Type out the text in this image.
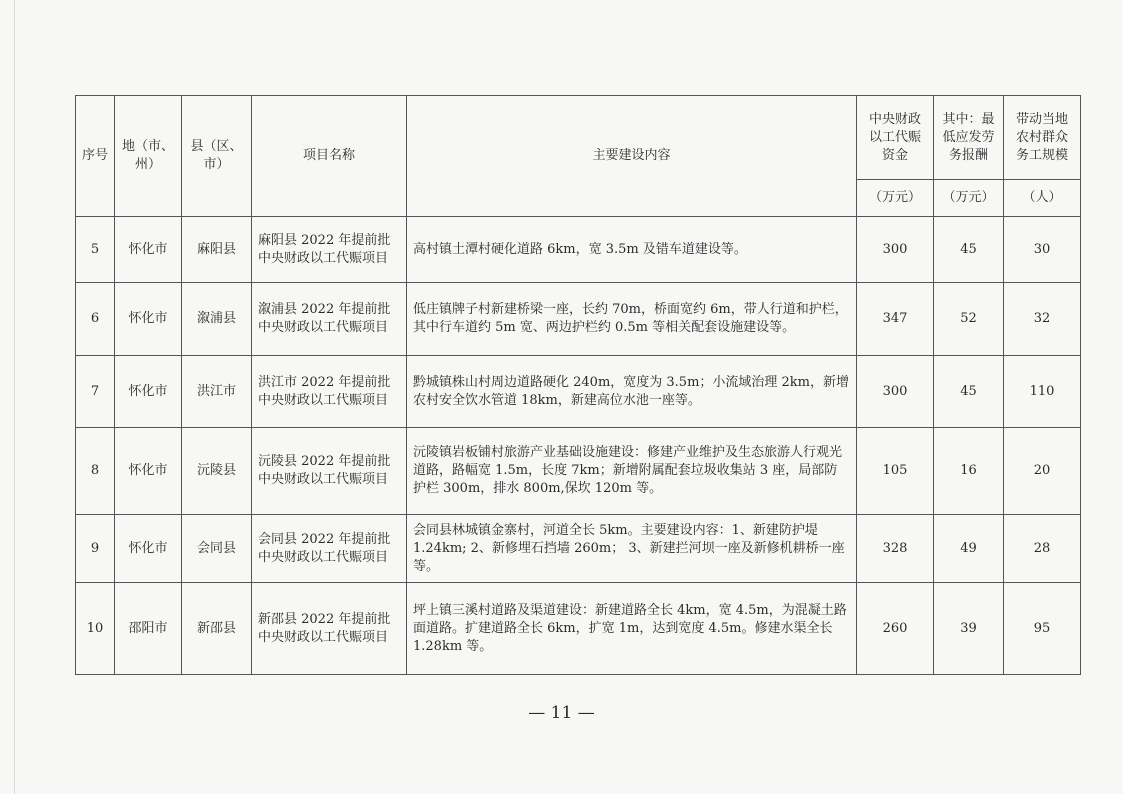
序号	地（市、州）	县（区、市）	项目名称	主要建设内容	中央财政以工代赈资金	其中：最低应发劳务报酬	带动当地农村群众务工规模
					（万元）	（万元）	（人）
5	怀化市	麻阳县	麻阳县 2022 年提前批中央财政以工代赈项目	高村镇土潭村硬化道路 6km，宽 3.5m 及错车道建设等。	300	45	30
6	怀化市	溆浦县	溆浦县 2022 年提前批中央财政以工代赈项目	低庄镇牌子村新建桥梁一座，长约 70m，桥面宽约 6m，带人行道和护栏，其中行车道约 5m 宽、两边护栏约 0.5m 等相关配套设施建设等。	347	52	32
7	怀化市	洪江市	洪江市 2022 年提前批中央财政以工代赈项目	黔城镇株山村周边道路硬化 240m，宽度为 3.5m；小流域治理 2km，新增农村安全饮水管道 18km，新建高位水池一座等。	300	45	110
8	怀化市	沅陵县	沅陵县 2022 年提前批中央财政以工代赈项目	沅陵镇岩板铺村旅游产业基础设施建设：修建产业维护及生态旅游人行观光道路，路幅宽 1.5m，长度 7km；新增附属配套垃圾收集站 3 座，局部防护栏 300m，排水 800m,保坎 120m 等。	105	16	20
9	怀化市	会同县	会同县 2022 年提前批中央财政以工代赈项目	会同县林城镇金寨村，河道全长 5km。主要建设内容：1、新建防护堤 1.24km; 2、新修埋石挡墙 260m； 3、新建拦河坝一座及新修机耕桥一座等。	328	49	28
10	邵阳市	新邵县	新邵县 2022 年提前批中央财政以工代赈项目	坪上镇三溪村道路及渠道建设：新建道路全长 4km，宽 4.5m，为混凝土路面道路。扩建道路全长 6km，扩宽 1m，达到宽度 4.5m。修建水渠全长 1.28km 等。	260	39	95
— 11 —
